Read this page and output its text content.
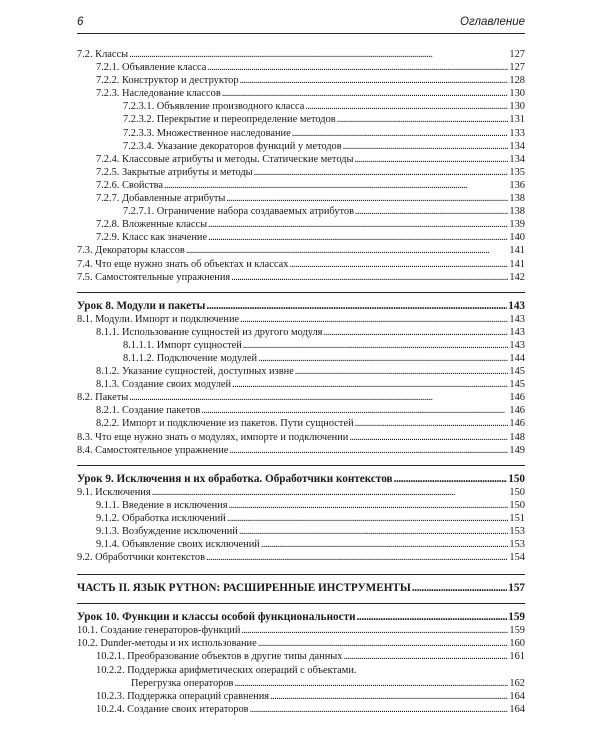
6	Оглавление
7.2. Классы . . .	127
7.2.1. Объявление класса . . .	127
7.2.2. Конструктор и деструктор . . .	128
7.2.3. Наследование классов . . .	130
7.2.3.1. Объявление производного класса . . .	130
7.2.3.2. Перекрытие и переопределение методов . . .	131
7.2.3.3. Множественное наследование . . .	133
7.2.3.4. Указание декораторов функций у методов . . .	134
7.2.4. Классовые атрибуты и методы. Статические методы . . .	134
7.2.5. Закрытые атрибуты и методы . . .	135
7.2.6. Свойства . . .	136
7.2.7. Добавленные атрибуты . . .	138
7.2.7.1. Ограничение набора создаваемых атрибутов . . .	138
7.2.8. Вложенные классы . . .	139
7.2.9. Класс как значение . . .	140
7.3. Декораторы классов . . .	141
7.4. Что еще нужно знать об объектах и классах . . .	141
7.5. Самостоятельные упражнения . . .	142
Урок 8. Модули и пакеты . . .	143
8.1. Модули. Импорт и подключение . . .	143
8.1.1. Использование сущностей из другого модуля . . .	143
8.1.1.1. Импорт сущностей . . .	143
8.1.1.2. Подключение модулей . . .	144
8.1.2. Указание сущностей, доступных извне . . .	145
8.1.3. Создание своих модулей . . .	145
8.2. Пакеты . . .	146
8.2.1. Создание пакетов . . .	146
8.2.2. Импорт и подключение из пакетов. Пути сущностей . . .	146
8.3. Что еще нужно знать о модулях, импорте и подключении . . .	148
8.4. Самостоятельное упражнение . . .	149
Урок 9. Исключения и их обработка. Обработчики контекстов . . .	150
9.1. Исключения . . .	150
9.1.1. Введение в исключения . . .	150
9.1.2. Обработка исключений . . .	151
9.1.3. Возбуждение исключений . . .	153
9.1.4. Объявление своих исключений . . .	153
9.2. Обработчики контекстов . . .	154
ЧАСТЬ II. ЯЗЫК PYTHON: РАСШИРЕННЫЕ ИНСТРУМЕНТЫ . . .	157
Урок 10. Функции и классы особой функциональности . . .	159
10.1. Создание генераторов-функций . . .	159
10.2. Dunder-методы и их использование . . .	160
10.2.1. Преобразование объектов в другие типы данных . . .	161
10.2.2. Поддержка арифметических операций с объектами.
Перегрузка операторов . . .	162
10.2.3. Поддержка операций сравнения . . .	164
10.2.4. Создание своих итераторов . . .	164
